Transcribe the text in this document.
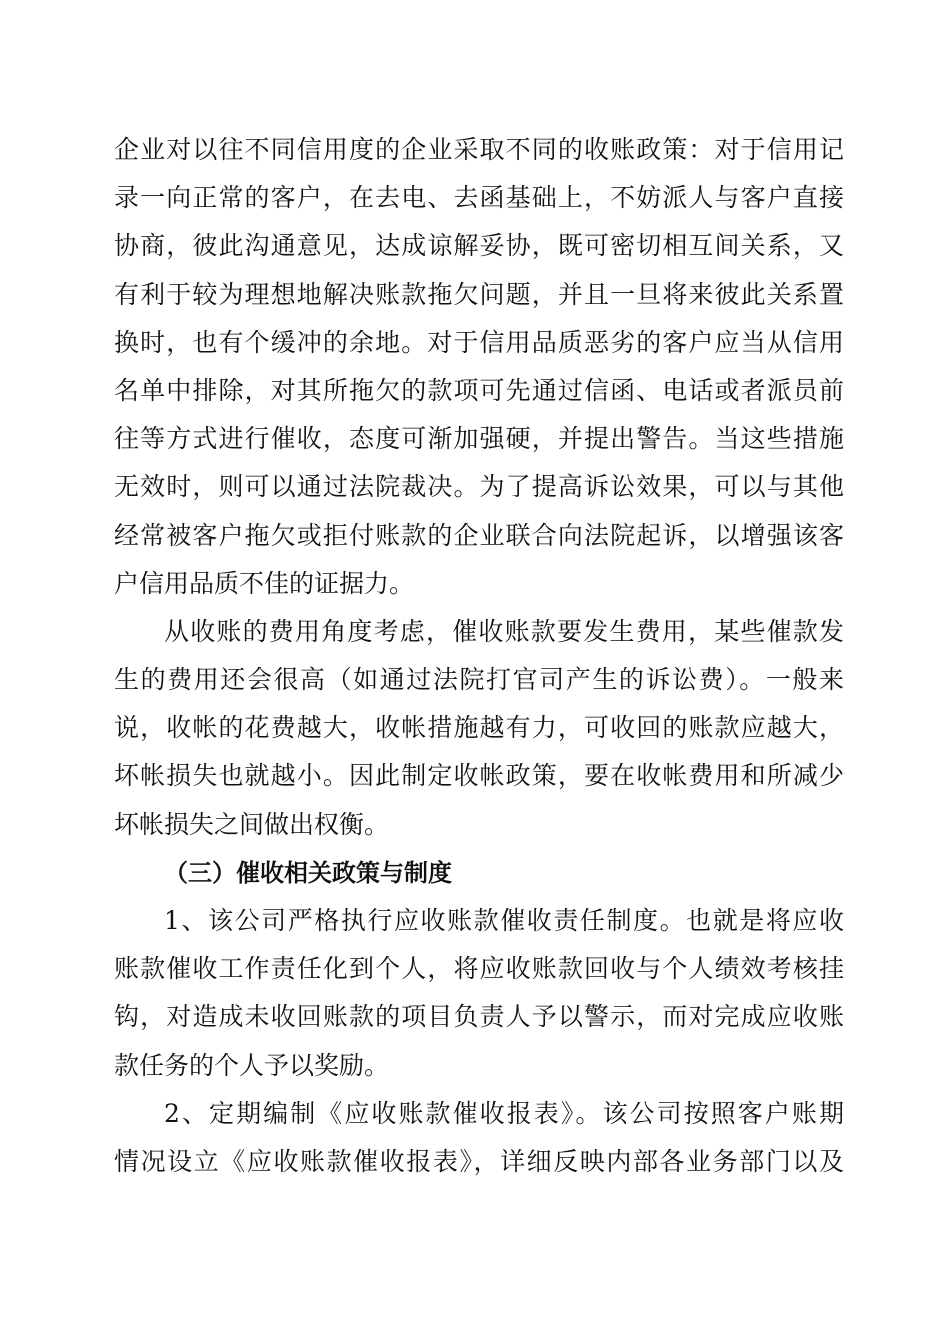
企业对以往不同信用度的企业采取不同的收账政策：对于信用记
录一向正常的客户，在去电、去函基础上，不妨派人与客户直接
协商，彼此沟通意见，达成谅解妥协，既可密切相互间关系，又
有利于较为理想地解决账款拖欠问题，并且一旦将来彼此关系置
换时，也有个缓冲的余地。对于信用品质恶劣的客户应当从信用
名单中排除，对其所拖欠的款项可先通过信函、电话或者派员前
往等方式进行催收，态度可渐加强硬，并提出警告。当这些措施
无效时，则可以通过法院裁决。为了提高诉讼效果，可以与其他
经常被客户拖欠或拒付账款的企业联合向法院起诉，以增强该客
户信用品质不佳的证据力。
从收账的费用角度考虑，催收账款要发生费用，某些催款发
生的费用还会很高（如通过法院打官司产生的诉讼费）。一般来
说，收帐的花费越大，收帐措施越有力，可收回的账款应越大，
坏帐损失也就越小。因此制定收帐政策，要在收帐费用和所减少
坏帐损失之间做出权衡。
（三）催收相关政策与制度
1、该公司严格执行应收账款催收责任制度。也就是将应收
账款催收工作责任化到个人，将应收账款回收与个人绩效考核挂
钩，对造成未收回账款的项目负责人予以警示，而对完成应收账
款任务的个人予以奖励。
2、定期编制《应收账款催收报表》。该公司按照客户账期
情况设立《应收账款催收报表》，详细反映内部各业务部门以及
